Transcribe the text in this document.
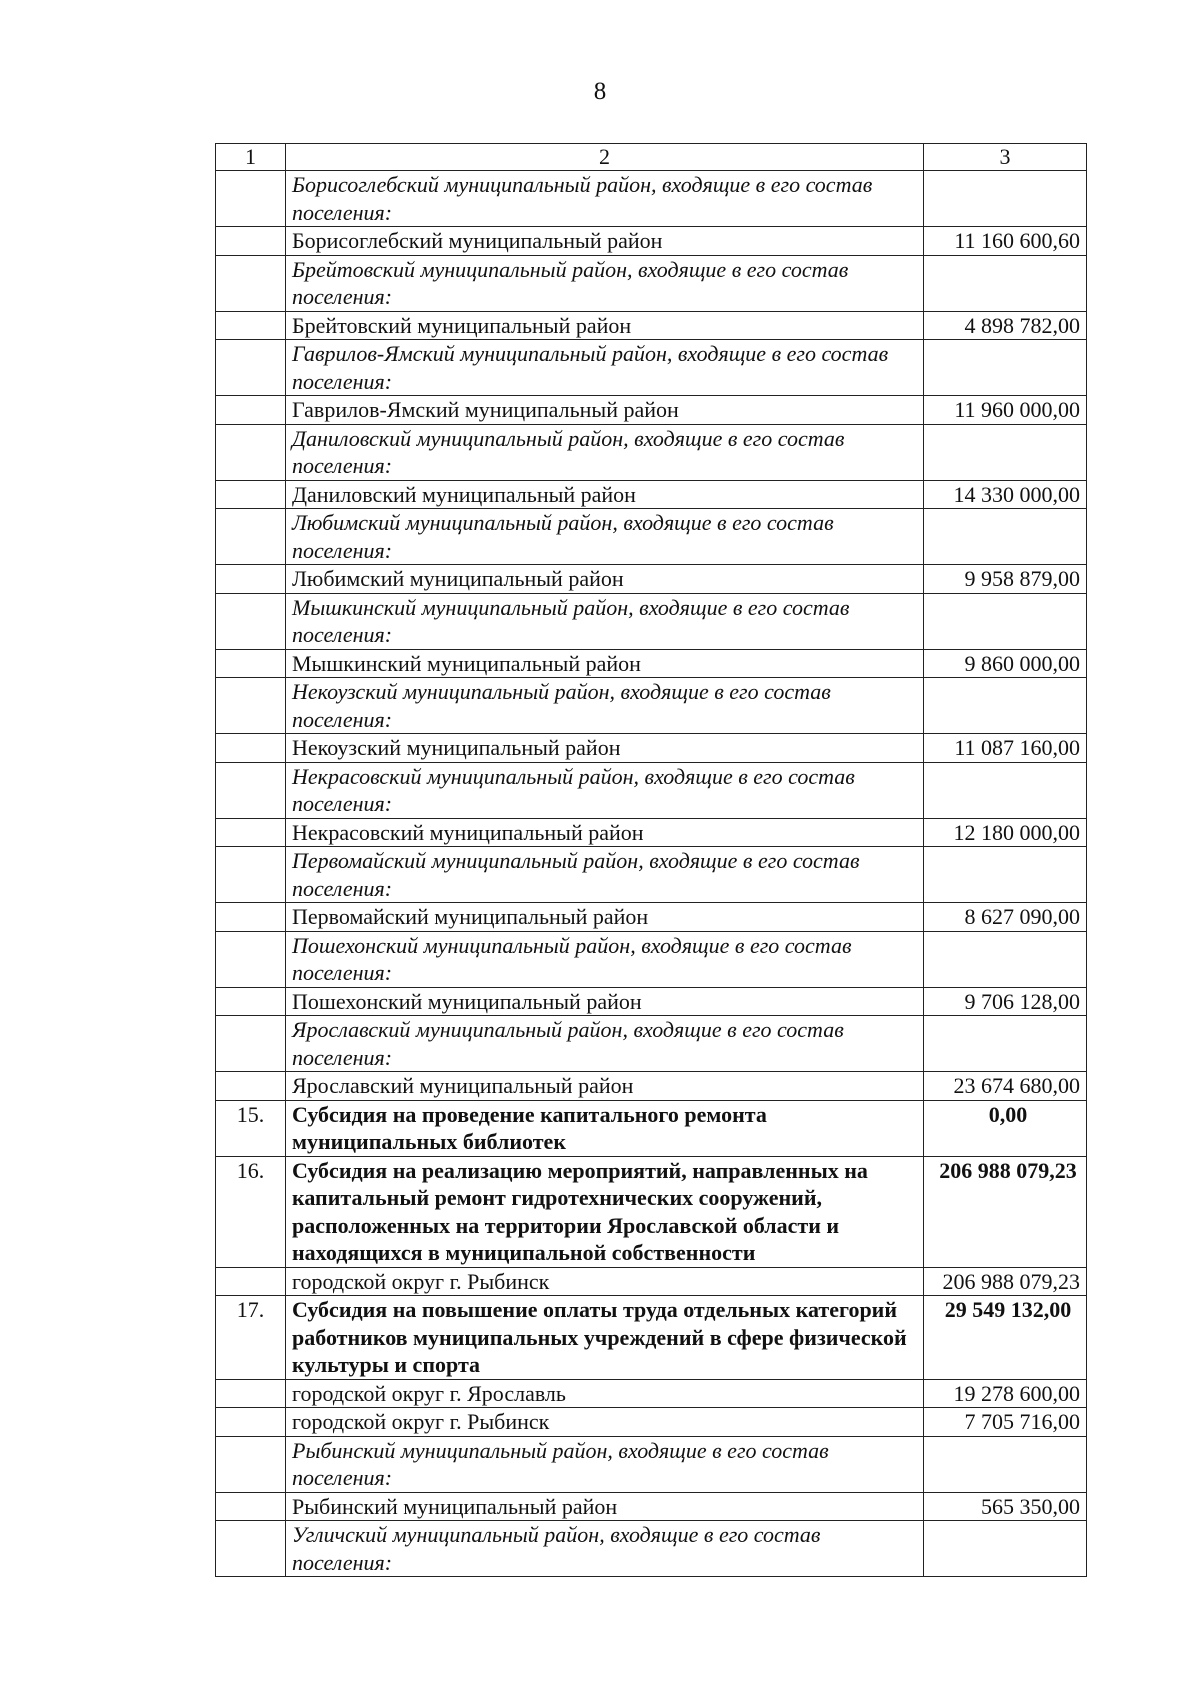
8
1	2	3
	Борисоглебский муниципальный район, входящие в его состав поселения:	
	Борисоглебский муниципальный район	11 160 600,60
	Брейтовский муниципальный район, входящие в его состав поселения:	
	Брейтовский муниципальный район	4 898 782,00
	Гаврилов-Ямский муниципальный район, входящие в его состав поселения:	
	Гаврилов-Ямский муниципальный район	11 960 000,00
	Даниловский муниципальный район, входящие в его состав поселения:	
	Даниловский муниципальный район	14 330 000,00
	Любимский муниципальный район, входящие в его состав поселения:	
	Любимский муниципальный район	9 958 879,00
	Мышкинский муниципальный район, входящие в его состав поселения:	
	Мышкинский муниципальный район	9 860 000,00
	Некоузский муниципальный район, входящие в его состав поселения:	
	Некоузский муниципальный район	11 087 160,00
	Некрасовский муниципальный район, входящие в его состав поселения:	
	Некрасовский муниципальный район	12 180 000,00
	Первомайский муниципальный район, входящие в его состав поселения:	
	Первомайский муниципальный район	8 627 090,00
	Пошехонский муниципальный район, входящие в его состав поселения:	
	Пошехонский муниципальный район	9 706 128,00
	Ярославский муниципальный район, входящие в его состав поселения:	
	Ярославский муниципальный район	23 674 680,00
15.	Субсидия на проведение капитального ремонта муниципальных библиотек	0,00
16.	Субсидия на реализацию мероприятий, направленных на капитальный ремонт гидротехнических сооружений, расположенных на территории Ярославской области и находящихся в муниципальной собственности	206 988 079,23
	городской округ г. Рыбинск	206 988 079,23
17.	Субсидия на повышение оплаты труда отдельных категорий работников муниципальных учреждений в сфере физической культуры и спорта	29 549 132,00
	городской округ г. Ярославль	19 278 600,00
	городской округ г. Рыбинск	7 705 716,00
	Рыбинский муниципальный район, входящие в его состав поселения:	
	Рыбинский муниципальный район	565 350,00
	Угличский муниципальный район, входящие в его состав поселения:	
